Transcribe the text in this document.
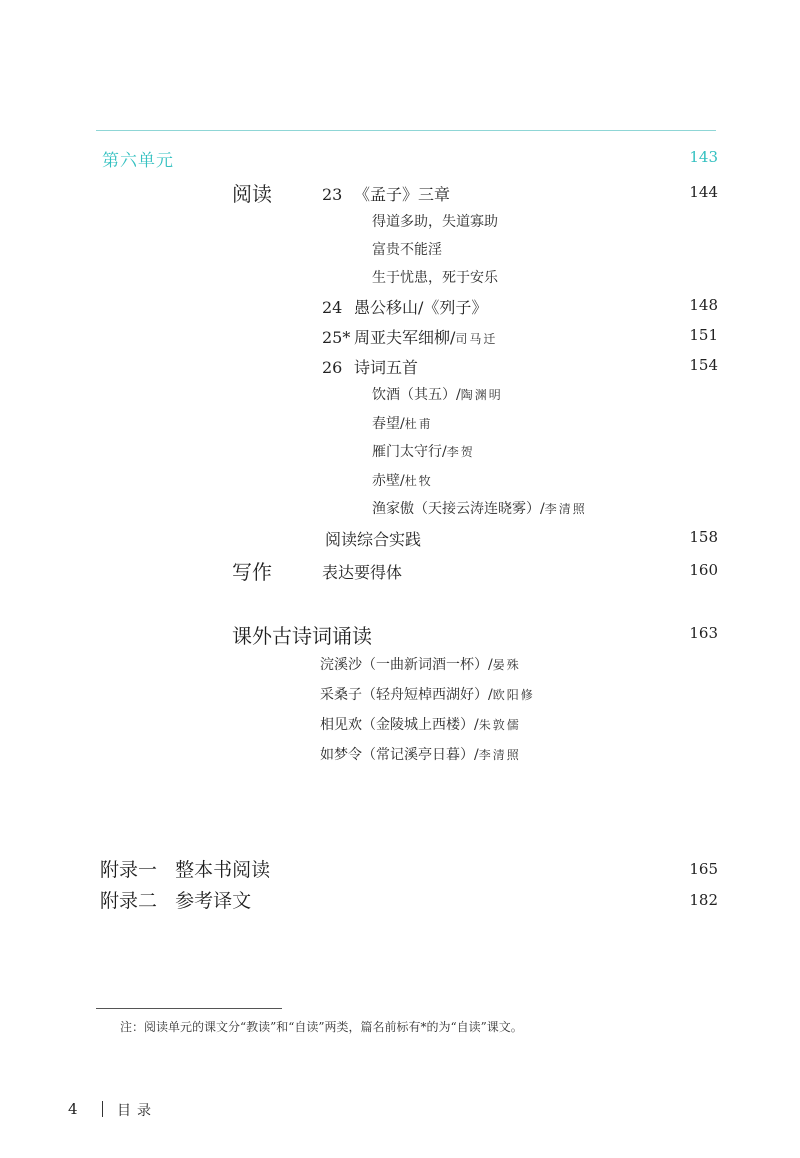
第六单元	143
阅读	23 《孟子》三章	144
得道多助，失道寡助
富贵不能淫
生于忧患，死于安乐
24 愚公移山/《列子》	148
25* 周亚夫军细柳/司马迁	151
26 诗词五首	154
饮酒（其五）/陶渊明
春望/杜甫
雁门太守行/李贺
赤壁/杜牧
渔家傲（天接云涛连晓雾）/李清照
阅读综合实践	158
写作	表达要得体	160
课外古诗词诵读	163
浣溪沙（一曲新词酒一杯）/晏殊
采桑子（轻舟短棹西湖好）/欧阳修
相见欢（金陵城上西楼）/朱敦儒
如梦令（常记溪亭日暮）/李清照
附录一 整本书阅读	165
附录二 参考译文	182
注：阅读单元的课文分“教读”和“自读”两类，篇名前标有*的为“自读”课文。
4	目录
